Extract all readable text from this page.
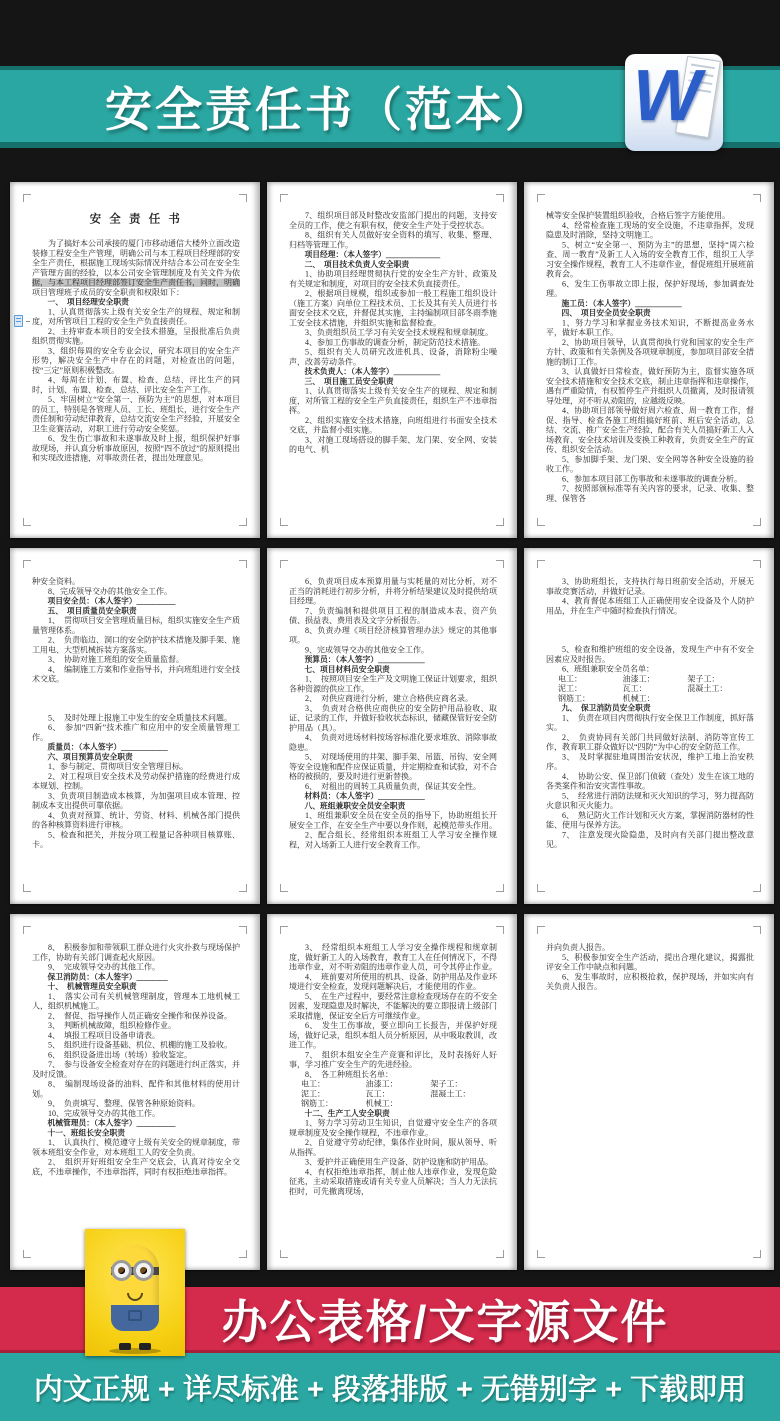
安全责任书（范本）	W
安 全 责 任 书
为了搞好本公司承接的厦门市移动通信大楼外立面改造装修工程安全生产管理，明确公司与本工程项目经理部的安全生产责任，根据施工现场实际情况并结合本公司在安全生产管理方面的经验，以本公司安全管理制度及有关文件为依据，与本工程项目经理部签订安全生产责任书，同时，明确项目管理班子成员的安全职责和权限如下：
一、　项目经理安全职责
1、认真贯彻落实上级有关安全生产的规程、规定和制度，对所管项目工程的安全生产负直接责任。
2、主持审查本项目的安全技术措施，呈报批准后负责组织贯彻实施。
3、组织每周的安全专业会议，研究本项目的安全生产形势，解决安全生产中存在的问题，对检查出的问题，按“三定”原则积极整改。
4、每周在计划、布置、检查、总结、评比生产的同时，计划、布置、检查、总结、评比安全生产工作。
5、牢固树立“安全第一、预防为主”的思想，对本项目的员工，特别是各管理人员、工长、班组长，进行安全生产责任制和劳动纪律教育，总结交流安全生产经验，开展安全卫生竞赛活动，对职工进行劳动安全奖惩。
6、发生伤亡事故和未遂事故及时上报，组织保护好事故现场，并认真分析事故原因，按照“四不放过”的原则提出和实现改进措施，对事故责任者，提出处理意见。
7、组织项目部及时整改安监部门提出的问题，支持安全员的工作，使之有职有权，使安全生产处于受控状态。
8、组织有关人员做好安全资料的填写、收集、整理、归档等管理工作。
项目经理：（本人签字）＿＿＿＿＿＿＿
二、　项目技术负责人安全职责
1、协助项目经理贯彻执行党的安全生产方针、政策及有关规定和制度，对项目的安全技术负直接责任。
2、根据项目规模，组织或参加一般工程施工组织设计（施工方案）向单位工程技术员、工长及其有关人员进行书面安全技术交底，并督促其实施，主持编制项目部冬雨季施工安全技术措施，并组织实施和监督检查。
3、负责组织员工学习有关安全技术规程和规章制度。
4、参加工伤事故的调查分析，制定防范技术措施。
5、组织有关人员研究改进机具、设备，消除粉尘噪声，改善劳动条件。
技术负责人：（本人签字）＿＿＿＿＿＿
三、　项目施工员安全职责
1、认真贯彻落实上级有关安全生产的规程、规定和制度，对所管工程的安全生产负直接责任，组织生产不违章指挥。
2、组织实施安全技术措施，向班组进行书面安全技术交底，并监督小组实施。
3、对施工现场搭设的脚手架、龙门架、安全网、安装的电气、机
械等安全保护装置组织验收，合格后签字方能使用。
4、经常检查施工现场的安全设施，不违章指挥，发现隐患及时消除，坚持文明施工。
5、树立“安全第一、预防为主”的思想，坚持“周六检查、周一教育”及新工人入场的安全教育工作，组织工人学习安全操作规程，教育工人不违章作业，督促班组开展班前教育会。
6、发生工伤事故立即上报，保护好现场，参加调查处理。
施工员：（本人签字）＿＿＿＿＿＿
四、　项目安全员安全职责
1、努力学习和掌握业务技术知识，不断提高业务水平，做好本职工作。
2、协助项目领导，认真贯彻执行党和国家的安全生产方针、政策和有关条例及各项规章制度，参加项目部安全措施的制订工作。
3、认真做好日常检查，做好预防为主，监督实施各项安全技术措施和安全技术交底，制止违章指挥和违章操作，遇有严重险情，有权暂停生产并组织人员撤离，及时报请领导处理，对不听从劝阻的，应越级反映。
4、协助项目部领导做好周六检查、周一教育工作，督促、指导、检查各施工班组搞好班前、班后安全活动，总结、交流、推广安全生产经验，配合有关人员搞好新工人入场教育、安全技术培训及变换工种教育，负责安全生产的宣传、组织安全活动。
5、参加脚手架、龙门架、安全网等各种安全设施的验收工作。
6、参加本项目部工伤事故和未遂事故的调查分析。
7、按照部颁标准等有关内容的要求，记录、收集、整理、保管各
种安全资料。
8、完成领导交办的其他安全工作。
项目安全员：（本人签字）＿＿＿＿＿
五、　项目质量员安全职责
1、　贯彻项目安全管理质量目标，组织实施安全生产质量管理体系。
2、　负责临边、洞口的安全防护技术措施及脚手架、施工用电、大型机械拆装方案落实。
3、　协助对施工班组的安全质量监督。
4、　编制施工方案和作业指导书，并向班组进行安全技术交底。
5、　及时处理上报施工中发生的安全质量技术问题。
6、　参加“四新”技术推广和应用中的安全质量管理工作。
质量员：（本人签字）＿＿＿＿＿＿
六、项目预算员安全职责
1、参与制定、贯彻项目安全管理目标。
2、对工程项目安全技术及劳动保护措施的经费进行成本规划、控制。
3、负责项目制造成本核算，为加强项目成本管理、控制成本支出提供可靠依据。
4、负责对预算、统计、劳资、材料、机械各部门提供的各种核算资料进行审核。
5、检查和把关，并按分项工程量记各种项目核算账、卡。
6、负责项目成本预算用量与实耗量的对比分析，对不正当的消耗进行初步分析，并将分析结果建议及时提供给项目经理。
7、负责编制和提供项目工程的制造成本表、资产负债、损益表、费用表及文字分析报告。
8、负责办理《项目经济核算管理办法》规定的其他事项。
9、完成领导交办的其他安全工作。
预算员：（本人签字）＿＿＿＿＿＿
七、项目材料员安全职责
1、　按照项目安全生产及文明施工保证计划要求，组织各种资源的供应工作。
2、　对供应商进行分析，建立合格供应商名录。
3、　负责对合格供应商供应的安全防护用品验收、取证、记录的工作，并做好验收状态标识，储藏保管好安全防护用品（具）。
4、　负责对进场材料按场容标准化要求堆放、消除事故隐患。
5、　对现场使用的井架、脚手架、吊篮、吊钩、安全网等安全设施和配件应保证质量，并定期检查和试验，对不合格的被损的，要及时进行更新替换。
6、　对租出的周转工具质量负责，保证其安全性。
材料员：（本人签字）＿＿＿＿＿＿
八、班组兼职安全员安全职责
1、班组兼职安全员在安全员的指导下，协助班组长开展安全工作，在安全生产中要以身作则，起模范带头作用。
2、配合组长、经常组织本班组工人学习安全操作规程，对入场新工人进行安全教育工作。
3、协助班组长，支持执行每日班前安全活动，开展无事故竞赛活动，并做好记录。
4、教育督促本班组工人正确使用安全设备及个人防护用品，并在生产中随时检查执行情况。
5、检查和维护班组的安全设备，发现生产中有不安全因素应及时报告。
6、班组兼职安全员名单：
电工：	油漆工：	架子工：
泥工：	瓦工：	混凝土工：
钢筋工：	机械工：
九、　保卫消防员安全职责
1、　负责在项目内贯彻执行安全保卫工作制度，抓好落实。
2、　负责协同有关部门共同做好法制、消防等宣传工作，教育职工群众做好以“四防”为中心的安全防范工作。
3、　及时掌握驻地周围治安状况，维护工地上治安秩序。
4、　协助公安、保卫部门侦破（查处）发生在该工地的各类案件和治安灾害性事故。
5、　经常进行消防法规和灭火知识的学习，努力提高防火意识和灭火能力。
6、　熟记防火工作计划和灭火方案，掌握消防器材的性能、使用与保养方法。
7、　注意发现火险隐患，及时向有关部门提出整改意见。
8、　积极参加和带领职工群众进行火灾扑救与现场保护工作，协助有关部门调查起火原因。
9、　完成领导交办的其他工作。
保卫消防员：（本人签字）＿＿＿＿
十、　机械管理员安全职责
1、　落实公司有关机械管理制度，管理本工地机械工人，组织机械施工。
2、　督促、指导操作人员正确安全操作和保养设备。
3、　判断机械故障，组织检修作业。
4、　填报工程项目设备申请表。
5、　组织进行设备基础、机位、机棚的施工及验收。
6、　组织设备进出场（转场）验收鉴定。
7、　参与设备安全检查对存在的问题进行纠正落实，并及时反馈。
8、　编制现场设备的油料、配件和其他材料的使用计划。
9、　负责填写、整理、保管各种原始资料。
10、完成领导交办的其他工作。
机械管理员：（本人签字）＿＿＿＿＿
十一、班组长安全职责
1、　认真执行、模范遵守上级有关安全的规章制度，带领本班组安全作业，对本班组工人的安全负责。
2、　组织开好班组安全生产交底会，认真对待安全交底，不违章操作，不违章指挥，同时有权拒绝违章指挥。
3、　经常组织本班组工人学习安全操作规程和规章制度，做好新工人的入场教育，教育工人在任何情况下，不得违章作业，对不听劝阻的违章作业人员，可令其停止作业。
4、　班前要对所使用的机具、设备、防护用品及作业环境进行安全检查，发现问题解决后，才能使用的作业。
5、　在生产过程中，要经常注意检查现场存在的不安全因素，发现隐患及时解决，不能解决的要立即报请上级部门采取措施，保证安全后方可继续作业。
6、　发生工伤事故，要立即向工长报告，并保护好现场，做好记录，组织本组人员分析原因，从中吸取教训，改进工作。
7、　组织本组安全生产竞赛和评比，及时表扬好人好事，学习推广安全生产的先进经验。
8、　各工种班组长名单：
电工：	油漆工：	架子工：
泥工：	瓦工：	混凝土工：
钢筋工：	机械工：
十二、生产工人安全职责
1、努力学习劳动卫生知识，自觉遵守安全生产的各项规章制度及安全操作规程，不违章作业。
2、自觉遵守劳动纪律，集体作业时间，服从领导、听从指挥。
3、爱护并正确使用生产设备、防护设施和防护用品。
4、有权拒绝违章指挥，制止他人违章作业，发现危险征兆，主动采取措施或请有关专业人员解决；当人力无法抗拒时，可先撤离现场，
并向负责人报告。
5、积极参加安全生产活动，提出合理化建议，揭露批评安全工作中缺点和问题。
6、发生事故时，应积极抢救，保护现场，并如实向有关负责人报告。
办公表格/文字源文件
内文正规 + 详尽标准 + 段落排版 + 无错别字 + 下载即用
